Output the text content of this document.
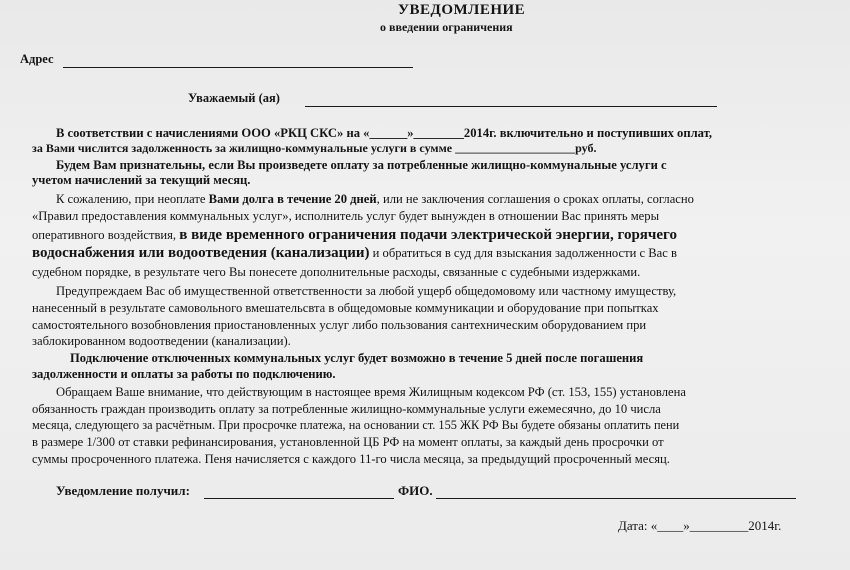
УВЕДОМЛЕНИЕ
о введении ограничения
Адрес
Уважаемый (ая)
В соответствии с начислениями ООО «РКЦ СКС» на «______»________2014г. включительно и поступивших оплат,
за Вами числится задолженность за жилищно-коммунальные услуги в сумме ____________________руб.
Будем Вам признательны, если Вы произведете оплату за потребленные жилищно-коммунальные услуги с
учетом начислений за текущий месяц.
К сожалению, при неоплате Вами долга в течение 20 дней, или не заключения соглашения о сроках оплаты, согласно
«Правил предоставления коммунальных услуг», исполнитель услуг будет вынужден в отношении Вас принять меры
оперативного воздействия, в виде временного ограничения подачи электрической энергии, горячего
водоснабжения или водоотведения (канализации) и обратиться в суд для взыскания задолженности с Вас в
судебном порядке, в результате чего Вы понесете дополнительные расходы, связанные с судебными издержками.
Предупреждаем Вас об имущественной ответственности за любой ущерб общедомовому или частному имуществу,
нанесенный в результате самовольного вмешательсвта в общедомовые коммуникации и оборудование при попытках
самостоятельного возобновления приостановленных услуг либо пользования сантехническим оборудованием при
заблокированном водоотведении (канализации).
Подключение отключенных коммунальных услуг будет возможно в течение 5 дней после погашения
задолженности и оплаты за работы по подключению.
Обращаем Ваше внимание, что действующим в настоящее время Жилищным кодексом РФ (ст. 153, 155) установлена
обязанность граждан производить оплату за потребленные жилищно-коммунальные услуги ежемесячно, до 10 числа
месяца, следующего за расчётным. При просрочке платежа, на основании ст. 155 ЖК РФ Вы будете обязаны оплатить пени
в размере 1/300 от ставки рефинансирования, установленной ЦБ РФ на момент оплаты, за каждый день просрочки от
суммы просроченного платежа. Пеня начисляется с каждого 11-го числа месяца, за предыдущий просроченный месяц.
Уведомление получил:	ФИО.
Дата: «____»_________2014г.
